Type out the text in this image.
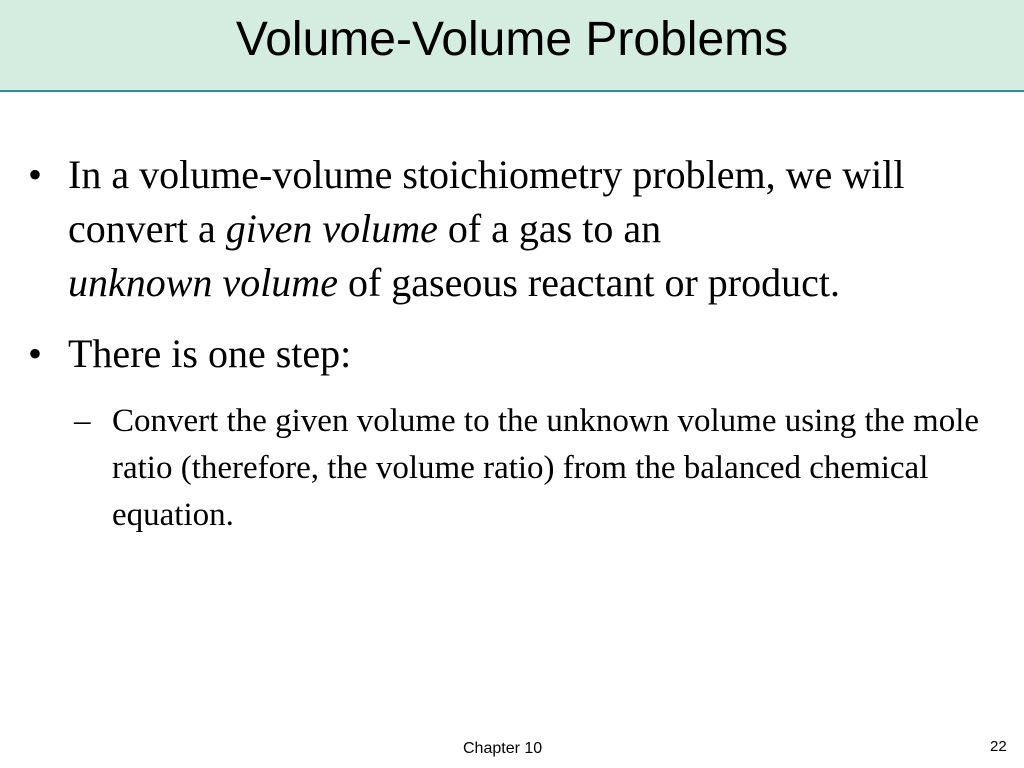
Volume-Volume Problems

• In a volume-volume stoichiometry problem, we will convert a given volume of a gas to an
unknown volume of gaseous reactant or product.

• There is one step:

– Convert the given volume to the unknown volume using the mole ratio (therefore, the volume ratio) from the balanced chemical equation.

Chapter 10	22
